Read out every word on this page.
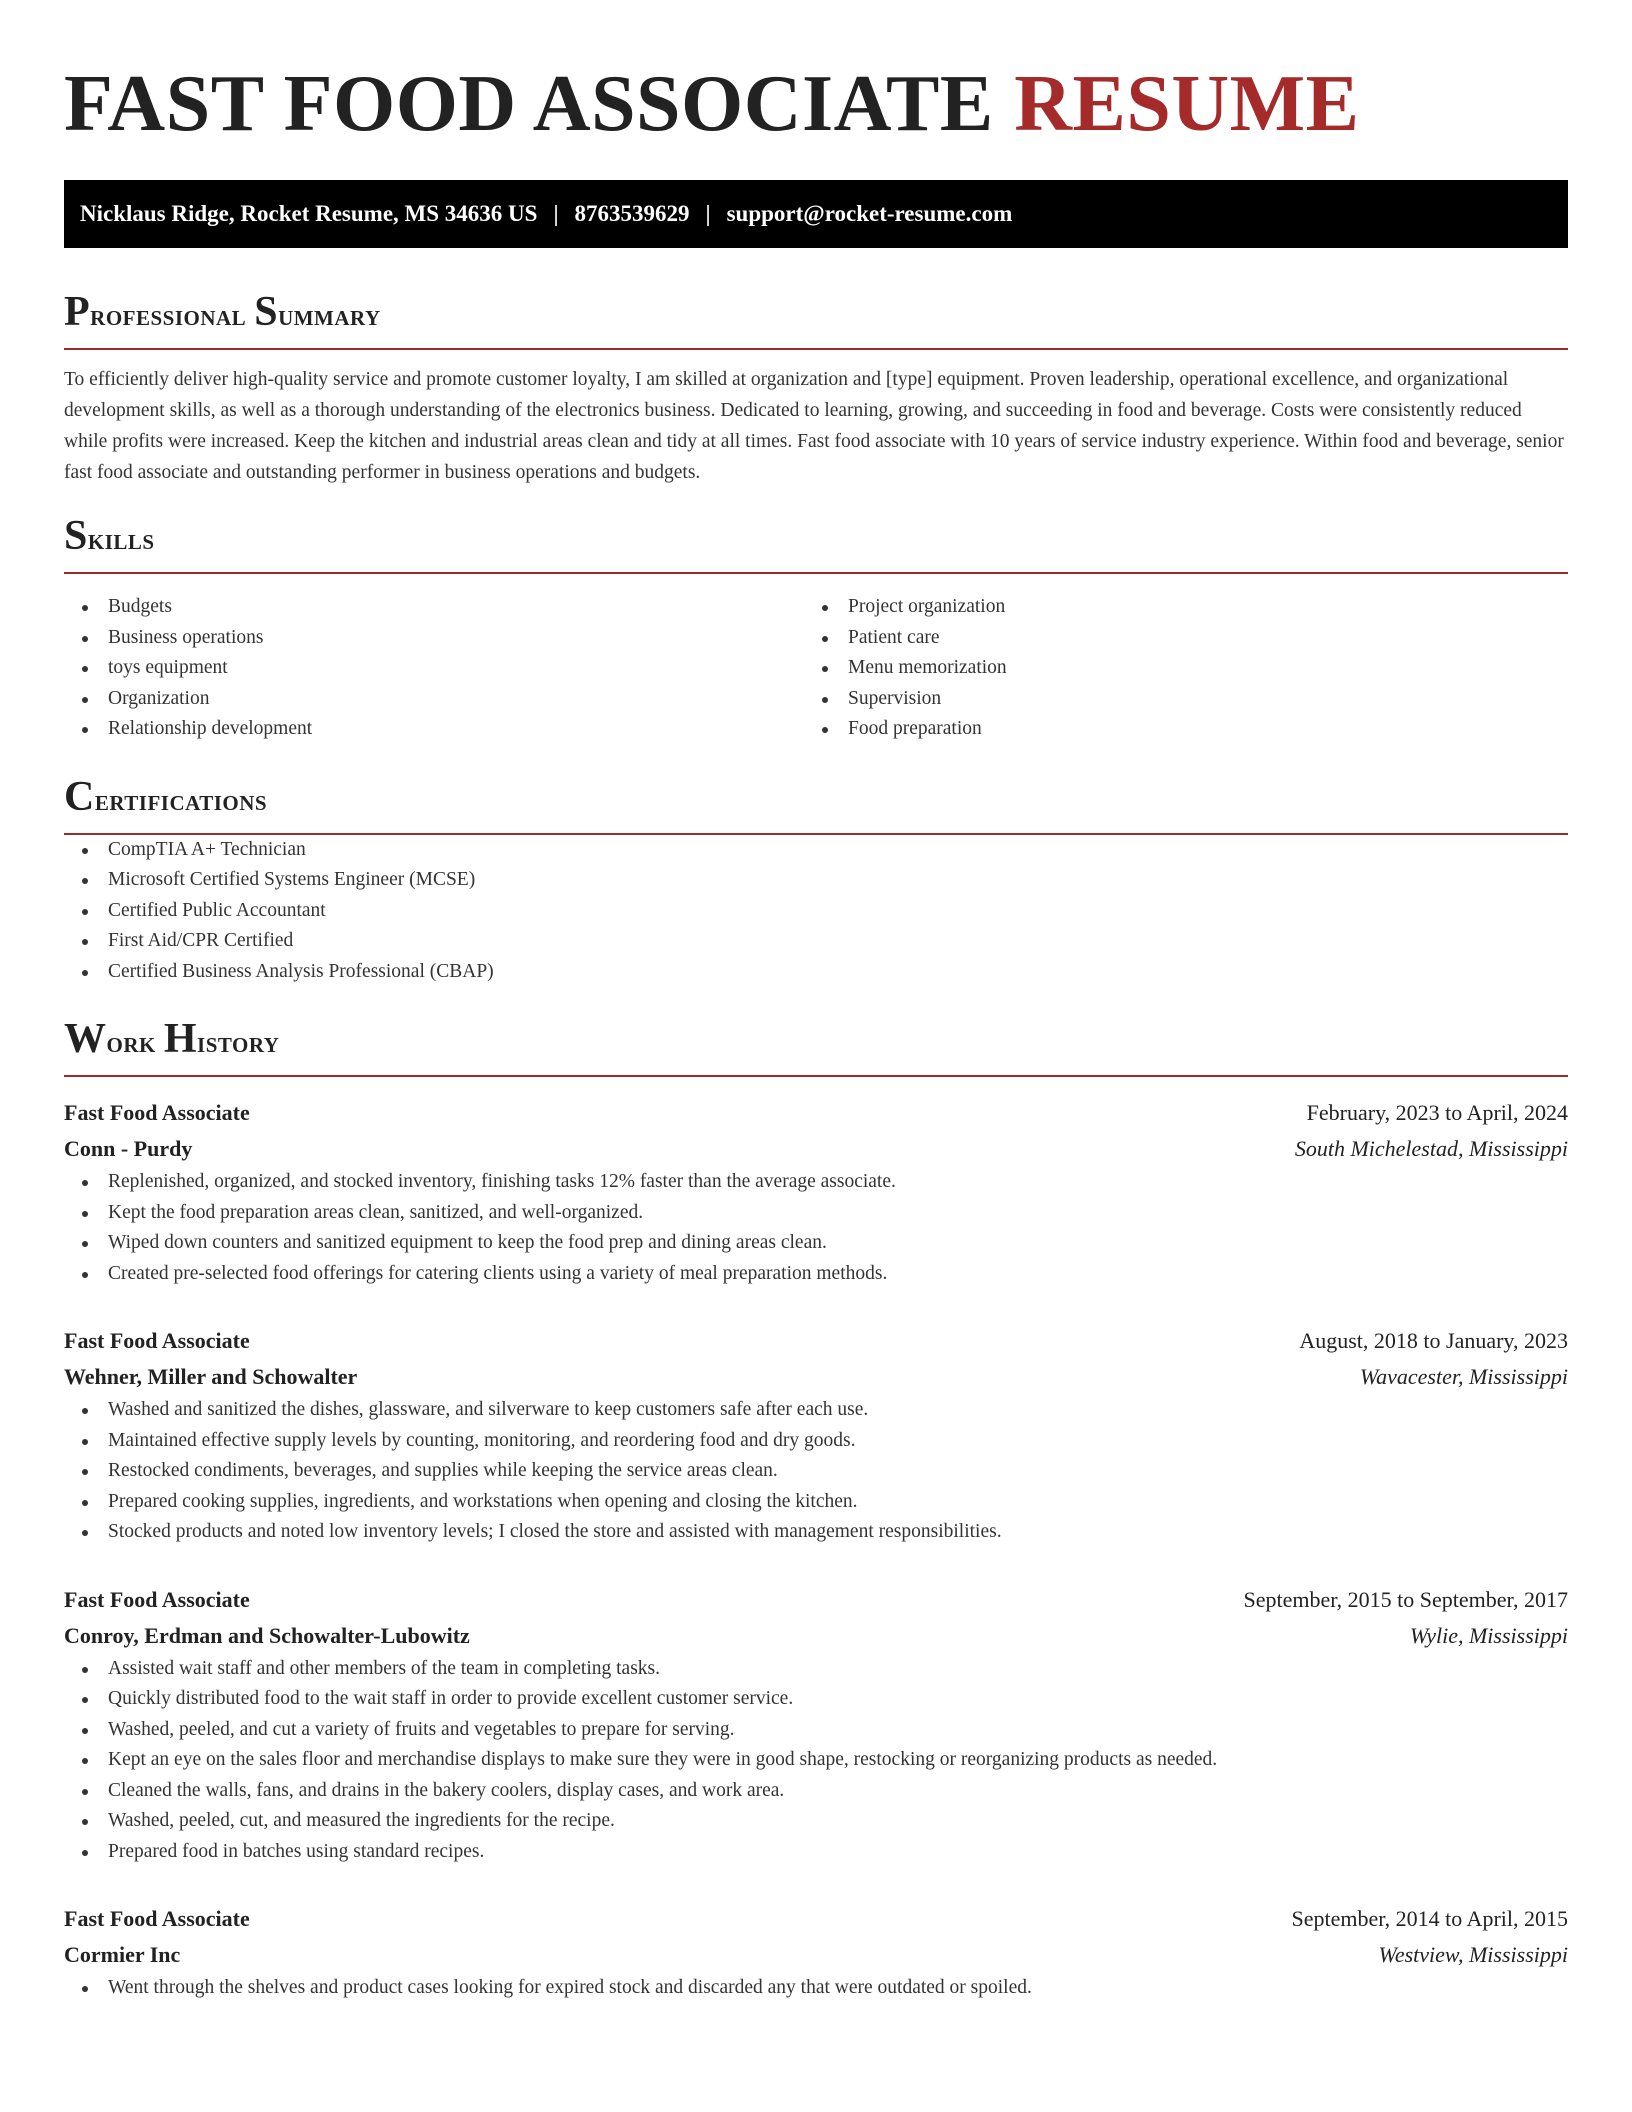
FAST FOOD ASSOCIATE RESUME
Nicklaus Ridge, Rocket Resume, MS 34636 US | 8763539629 | support@rocket-resume.com
Professional Summary

To efficiently deliver high-quality service and promote customer loyalty, I am skilled at organization and [type] equipment. Proven leadership, operational excellence, and organizational development skills, as well as a thorough understanding of the electronics business. Dedicated to learning, growing, and succeeding in food and beverage. Costs were consistently reduced while profits were increased. Keep the kitchen and industrial areas clean and tidy at all times. Fast food associate with 10 years of service industry experience. Within food and beverage, senior fast food associate and outstanding performer in business operations and budgets.

Skills
Budgets
Business operations
toys equipment
Organization
Relationship development
Project organization
Patient care
Menu memorization
Supervision
Food preparation
Certifications
CompTIA A+ Technician
Microsoft Certified Systems Engineer (MCSE)
Certified Public Accountant
First Aid/CPR Certified
Certified Business Analysis Professional (CBAP)
Work History
Fast Food Associate	February, 2023 to April, 2024
Conn - Purdy	South Michelestad, Mississippi
Replenished, organized, and stocked inventory, finishing tasks 12% faster than the average associate.
Kept the food preparation areas clean, sanitized, and well-organized.
Wiped down counters and sanitized equipment to keep the food prep and dining areas clean.
Created pre-selected food offerings for catering clients using a variety of meal preparation methods.
Fast Food Associate	August, 2018 to January, 2023
Wehner, Miller and Schowalter	Wavacester, Mississippi
Washed and sanitized the dishes, glassware, and silverware to keep customers safe after each use.
Maintained effective supply levels by counting, monitoring, and reordering food and dry goods.
Restocked condiments, beverages, and supplies while keeping the service areas clean.
Prepared cooking supplies, ingredients, and workstations when opening and closing the kitchen.
Stocked products and noted low inventory levels; I closed the store and assisted with management responsibilities.
Fast Food Associate	September, 2015 to September, 2017
Conroy, Erdman and Schowalter-Lubowitz	Wylie, Mississippi
Assisted wait staff and other members of the team in completing tasks.
Quickly distributed food to the wait staff in order to provide excellent customer service.
Washed, peeled, and cut a variety of fruits and vegetables to prepare for serving.
Kept an eye on the sales floor and merchandise displays to make sure they were in good shape, restocking or reorganizing products as needed.
Cleaned the walls, fans, and drains in the bakery coolers, display cases, and work area.
Washed, peeled, cut, and measured the ingredients for the recipe.
Prepared food in batches using standard recipes.
Fast Food Associate	September, 2014 to April, 2015
Cormier Inc	Westview, Mississippi
Went through the shelves and product cases looking for expired stock and discarded any that were outdated or spoiled.
